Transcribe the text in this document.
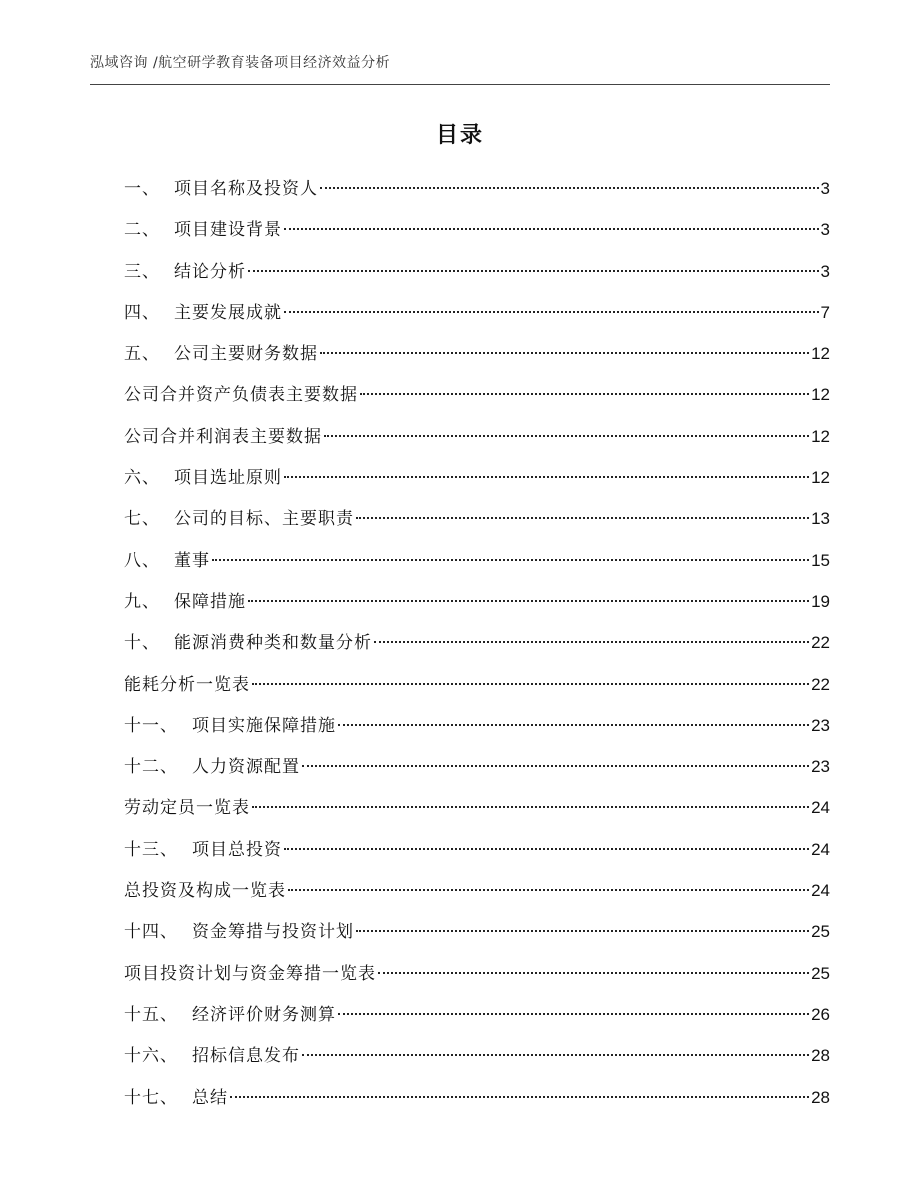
泓域咨询 /航空研学教育装备项目经济效益分析
目录
一、 项目名称及投资人	3
二、 项目建设背景	3
三、 结论分析	3
四、 主要发展成就	7
五、 公司主要财务数据	12
公司合并资产负债表主要数据	12
公司合并利润表主要数据	12
六、 项目选址原则	12
七、 公司的目标、主要职责	13
八、 董事	15
九、 保障措施	19
十、 能源消费种类和数量分析	22
能耗分析一览表	22
十一、 项目实施保障措施	23
十二、 人力资源配置	23
劳动定员一览表	24
十三、 项目总投资	24
总投资及构成一览表	24
十四、 资金筹措与投资计划	25
项目投资计划与资金筹措一览表	25
十五、 经济评价财务测算	26
十六、 招标信息发布	28
十七、 总结	28
